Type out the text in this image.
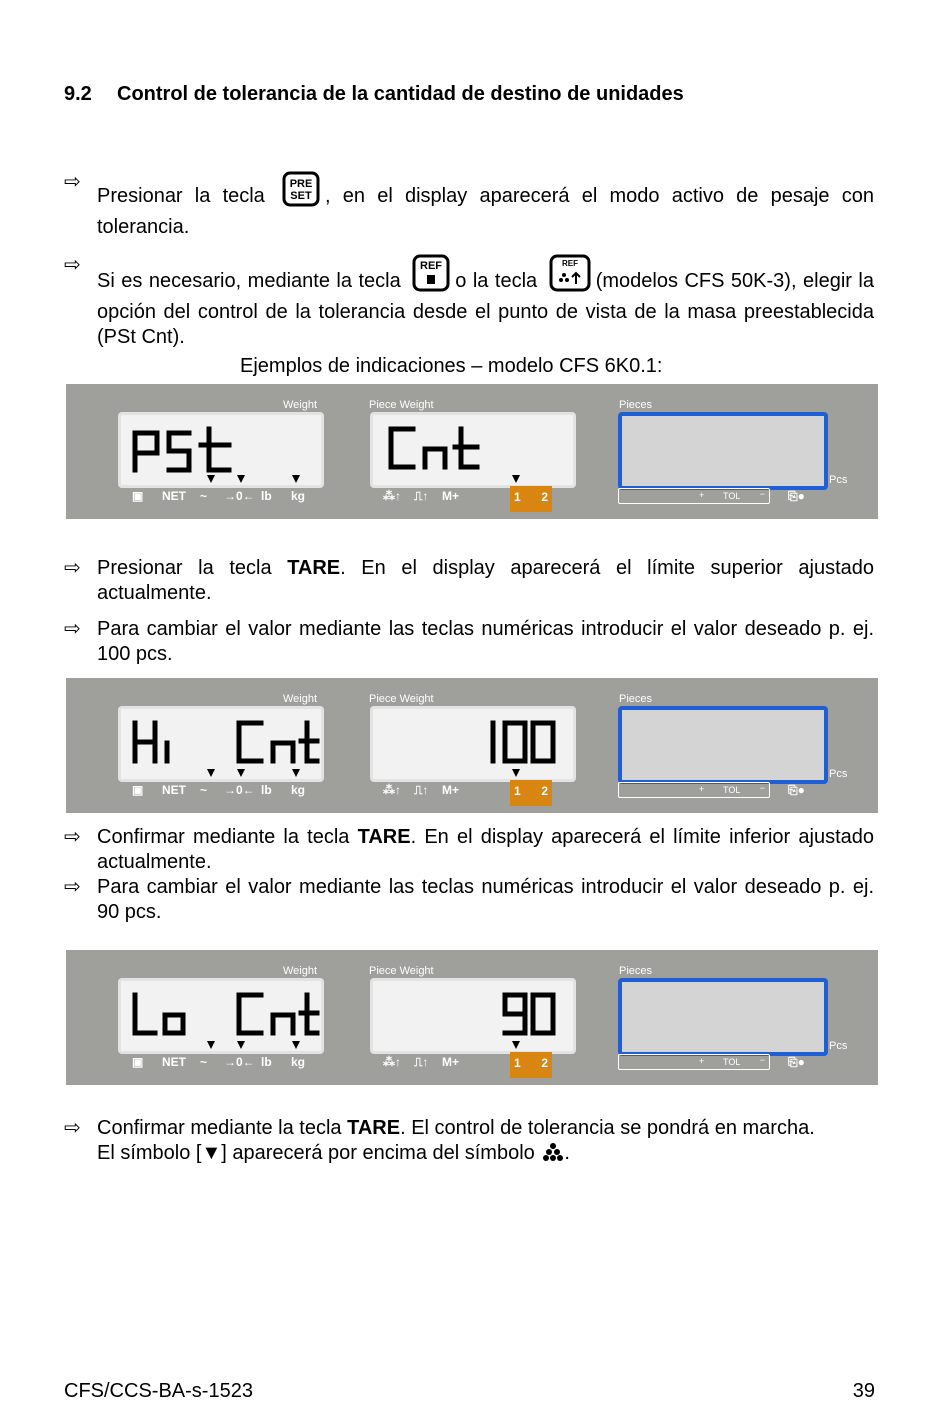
9.2 Control de tolerancia de la cantidad de destino de unidades
⇨
Presionar la tecla
PRE
SET , en el display aparecerá el modo activo de pesaje con tolerancia.
⇨
Si es necesario, mediante la tecla
REF
o la tecla
REF
(modelos CFS 50K-3), elegir la opción del control de la tolerancia desde el punto de vista de la masa preestablecida (PSt Cnt).
Ejemplos de indicaciones – modelo CFS 6K0.1:
Weight	Piece Weight	Pieces
Pcs
▣ NET ~ →0← lb kg	⁂↑ ⎍↑ M+	1 2	+ TOL − ⎘●
⇨ Presionar la tecla TARE. En el display aparecerá el límite superior ajustado actualmente.
⇨ Para cambiar el valor mediante las teclas numéricas introducir el valor deseado p. ej. 100 pcs.
Weight	Piece Weight	Pieces
Pcs
▣ NET ~ →0← lb kg	⁂↑ ⎍↑ M+	1 2	+ TOL − ⎘●
⇨ Confirmar mediante la tecla TARE. En el display aparecerá el límite inferior ajustado actualmente.
⇨ Para cambiar el valor mediante las teclas numéricas introducir el valor deseado p. ej. 90 pcs.
Weight	Piece Weight	Pieces
Pcs
▣ NET ~ →0← lb kg	⁂↑ ⎍↑ M+	1 2	+ TOL − ⎘●
⇨ Confirmar mediante la tecla TARE. El control de tolerancia se pondrá en marcha.
El símbolo [▼] aparecerá por encima del símbolo .
CFS/CCS-BA-s-1523	39
